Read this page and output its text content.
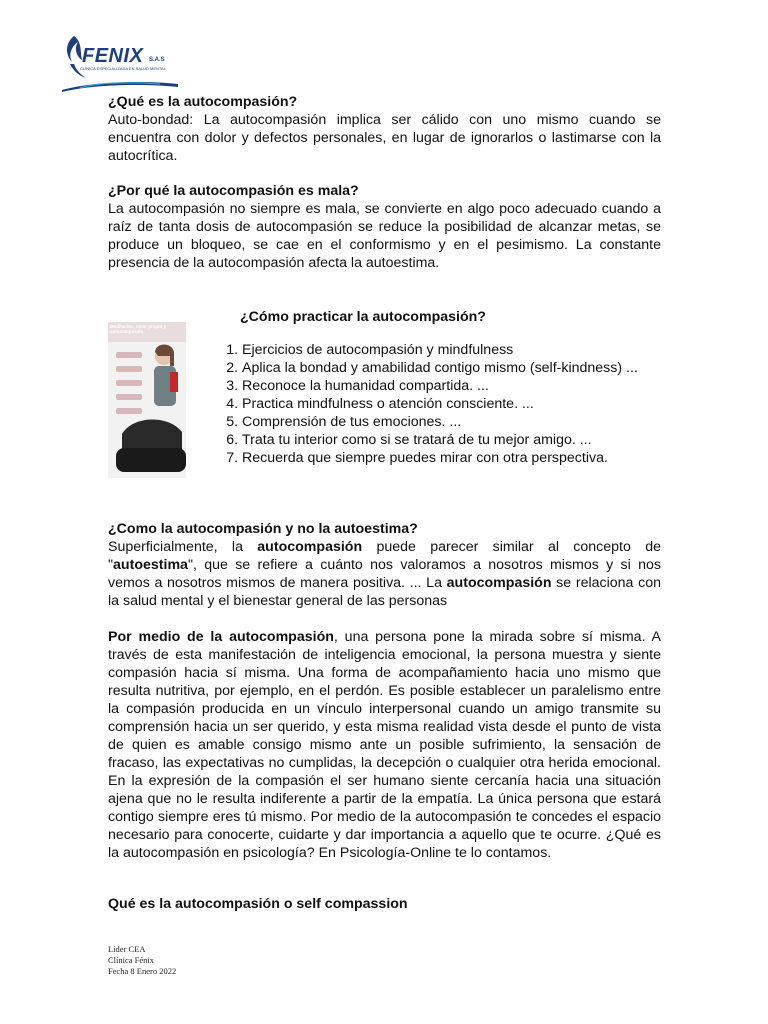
FENIX S.A.S
CLÍNICA ESPECIALIZADA EN SALUD MENTAL
¿Qué es la autocompasión?
Auto-bondad: La autocompasión implica ser cálido con uno mismo cuando se encuentra con dolor y defectos personales, en lugar de ignorarlos o lastimarse con la autocrítica.
¿Por qué la autocompasión es mala?
La autocompasión no siempre es mala, se convierte en algo poco adecuado cuando a raíz de tanta dosis de autocompasión se reduce la posibilidad de alcanzar metas, se produce un bloqueo, se cae en el conformismo y en el pesimismo. La constante presencia de la autocompasión afecta la autoestima.
¿Cómo practicar la autocompasión?
Meditación, amor propio y autocompasión
1. Ejercicios de autocompasión y mindfulness
2. Aplica la bondad y amabilidad contigo mismo (self-kindness) ...
3. Reconoce la humanidad compartida. ...
4. Practica mindfulness o atención consciente. ...
5. Comprensión de tus emociones. ...
6. Trata tu interior como si se tratará de tu mejor amigo. ...
7. Recuerda que siempre puedes mirar con otra perspectiva.
¿Como la autocompasión y no la autoestima?
Superficialmente, la autocompasión puede parecer similar al concepto de "autoestima", que se refiere a cuánto nos valoramos a nosotros mismos y si nos vemos a nosotros mismos de manera positiva. ... La autocompasión se relaciona con la salud mental y el bienestar general de las personas
Por medio de la autocompasión, una persona pone la mirada sobre sí misma. A través de esta manifestación de inteligencia emocional, la persona muestra y siente compasión hacia sí misma. Una forma de acompañamiento hacia uno mismo que resulta nutritiva, por ejemplo, en el perdón. Es posible establecer un paralelismo entre la compasión producida en un vínculo interpersonal cuando un amigo transmite su comprensión hacia un ser querido, y esta misma realidad vista desde el punto de vista de quien es amable consigo mismo ante un posible sufrimiento, la sensación de fracaso, las expectativas no cumplidas, la decepción o cualquier otra herida emocional. En la expresión de la compasión el ser humano siente cercanía hacia una situación ajena que no le resulta indiferente a partir de la empatía. La única persona que estará contigo siempre eres tú mismo. Por medio de la autocompasión te concedes el espacio necesario para conocerte, cuidarte y dar importancia a aquello que te ocurre. ¿Qué es la autocompasión en psicología? En Psicología-Online te lo contamos.
Qué es la autocompasión o self compassion
Líder CEA
Clínica Fénix
Fecha 8 Enero 2022
